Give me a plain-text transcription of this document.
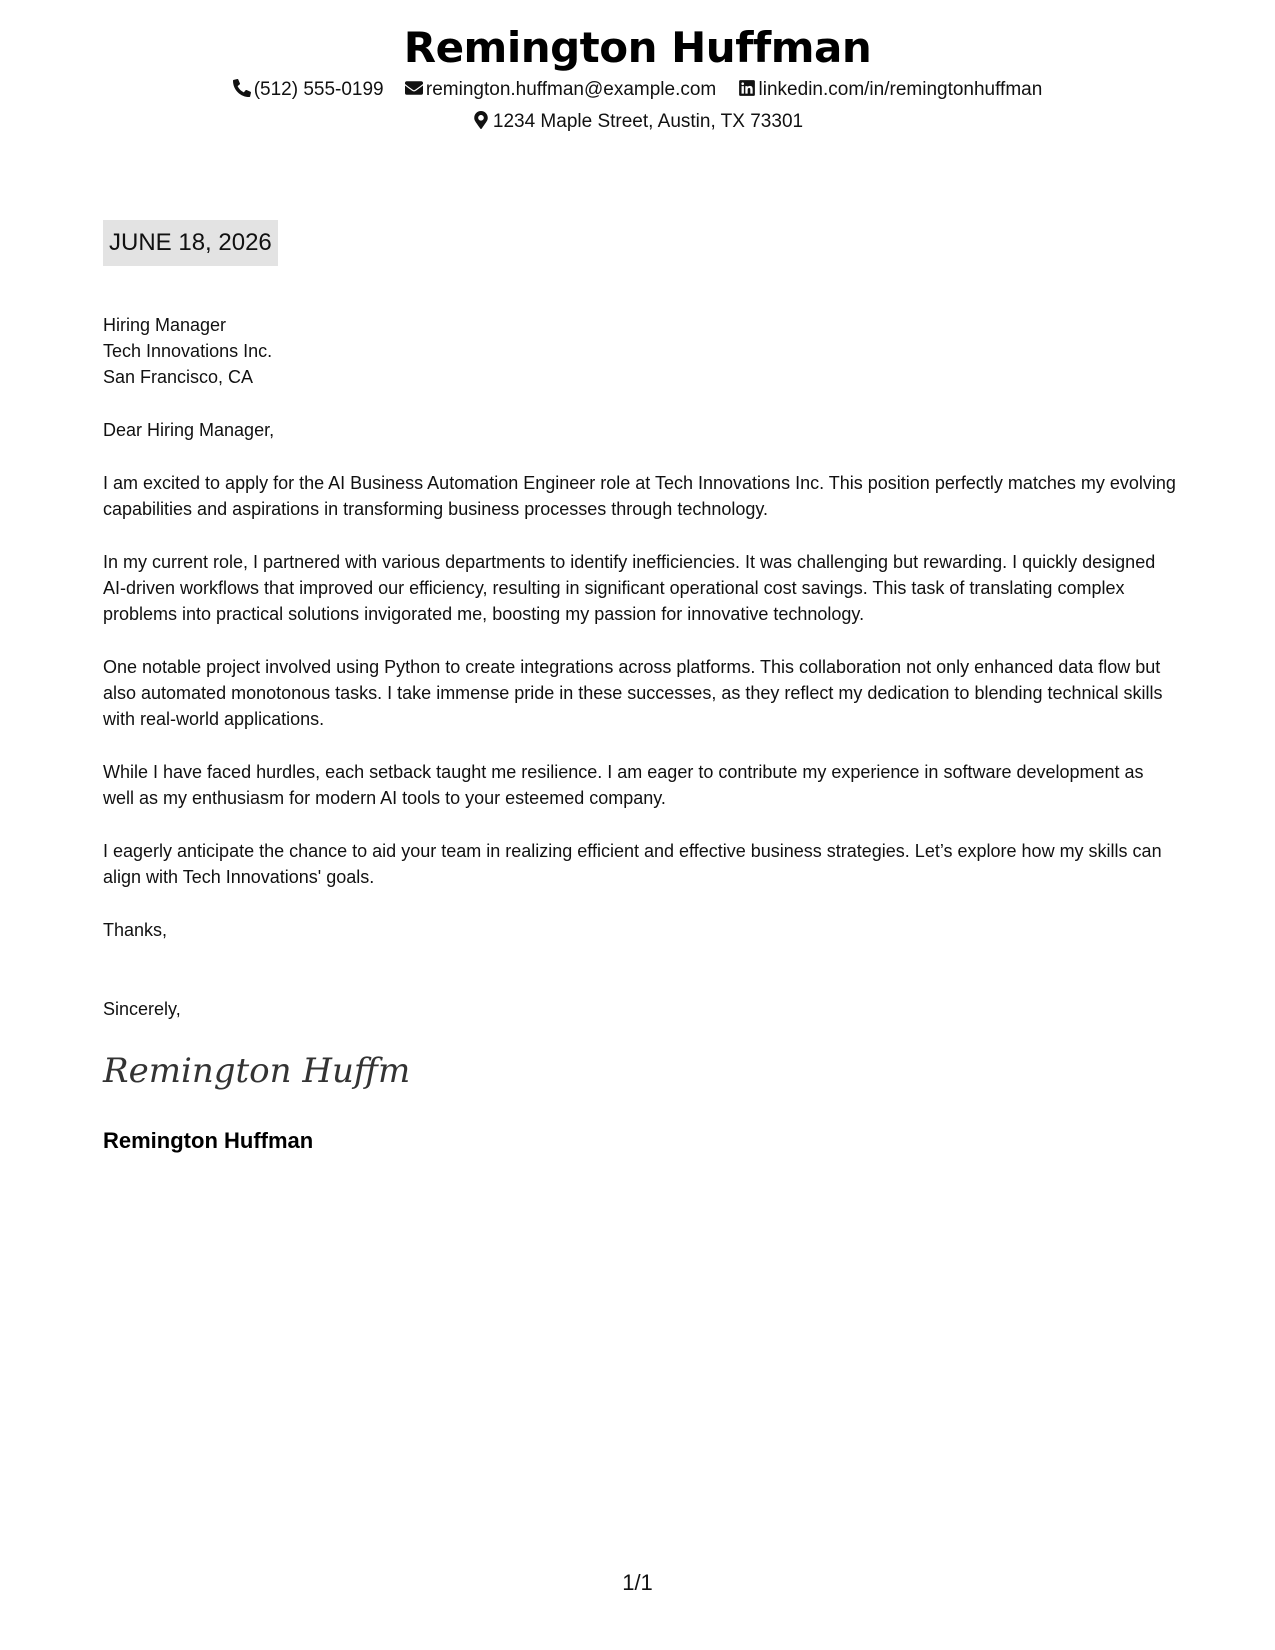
Remington Huffman
(512) 555-0199 remington.huffman@example.com linkedin.com/in/remingtonhuffman
1234 Maple Street, Austin, TX 73301
JUNE 18, 2026

Hiring Manager
Tech Innovations Inc.
San Francisco, CA

Dear Hiring Manager,

I am excited to apply for the AI Business Automation Engineer role at Tech Innovations Inc. This position perfectly matches my evolving capabilities and aspirations in transforming business processes through technology.

In my current role, I partnered with various departments to identify inefficiencies. It was challenging but rewarding. I quickly designed AI-driven workflows that improved our efficiency, resulting in significant operational cost savings. This task of translating complex problems into practical solutions invigorated me, boosting my passion for innovative technology.

One notable project involved using Python to create integrations across platforms. This collaboration not only enhanced data flow but also automated monotonous tasks. I take immense pride in these successes, as they reflect my dedication to blending technical skills with real-world applications.

While I have faced hurdles, each setback taught me resilience. I am eager to contribute my experience in software development as well as my enthusiasm for modern AI tools to your esteemed company.

I eagerly anticipate the chance to aid your team in realizing efficient and effective business strategies. Let’s explore how my skills can align with Tech Innovations' goals.

Thanks,

Sincerely,

Remington Huffm
Remington Huffman
1/1
